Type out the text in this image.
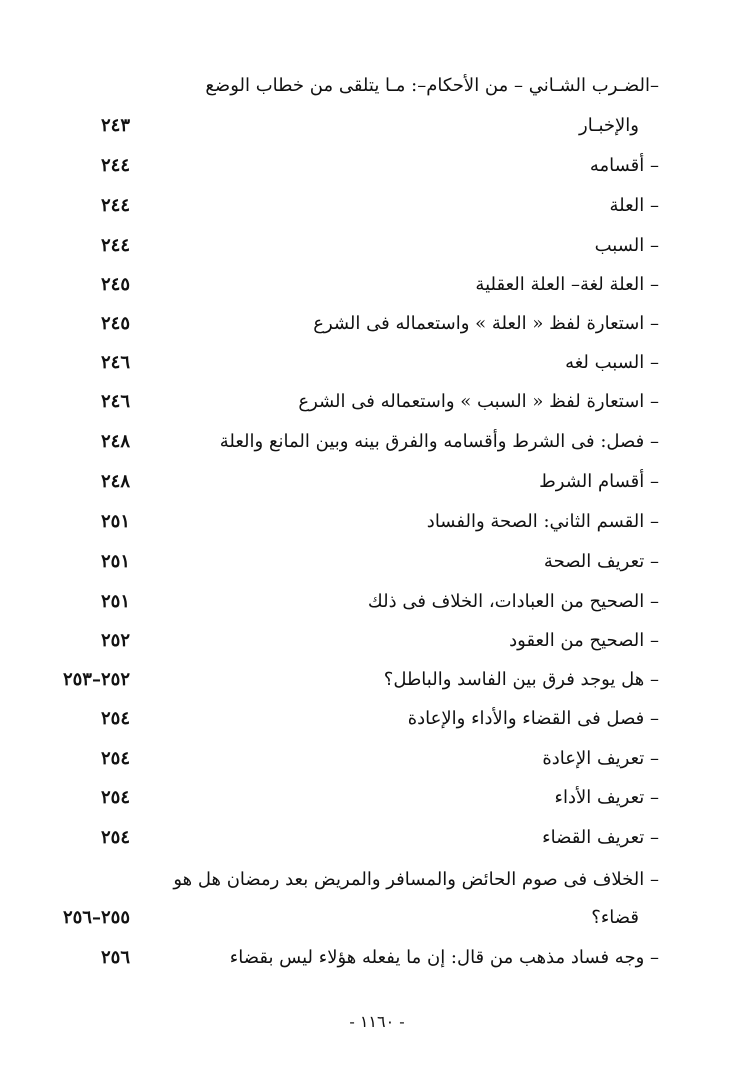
–الضـرب الشـاني – من الأحكام–: مـا يتلقى من خطاب الوضع
والإخبـار
٢٤٣
– أقسامه
٢٤٤
– العلة
٢٤٤
– السبب
٢٤٤
– العلة لغة– العلة العقلية
٢٤٥
– استعارة لفظ « العلة » واستعماله فى الشرع
٢٤٥
– السبب لغه
٢٤٦
– استعارة لفظ « السبب » واستعماله فى الشرع
٢٤٦
– فصل: فى الشرط وأقسامه والفرق بينه وبين المانع والعلة
٢٤٨
– أقسام الشرط
٢٤٨
– القسم الثاني: الصحة والفساد
٢٥١
– تعريف الصحة
٢٥١
– الصحيح من العبادات، الخلاف فى ذلك
٢٥١
– الصحيح من العقود
٢٥٢
– هل يوجد فرق بين الفاسد والباطل؟
٢٥٢–٢٥٣
– فصل فى القضاء والأداء والإعادة
٢٥٤
– تعريف الإعادة
٢٥٤
– تعريف الأداء
٢٥٤
– تعريف القضاء
٢٥٤
– الخلاف فى صوم الحائض والمسافر والمريض بعد رمضان هل هو
قضاء؟
٢٥٥–٢٥٦
– وجه فساد مذهب من قال: إن ما يفعله هؤلاء ليس بقضاء
٢٥٦
- ١١٦٠ -
